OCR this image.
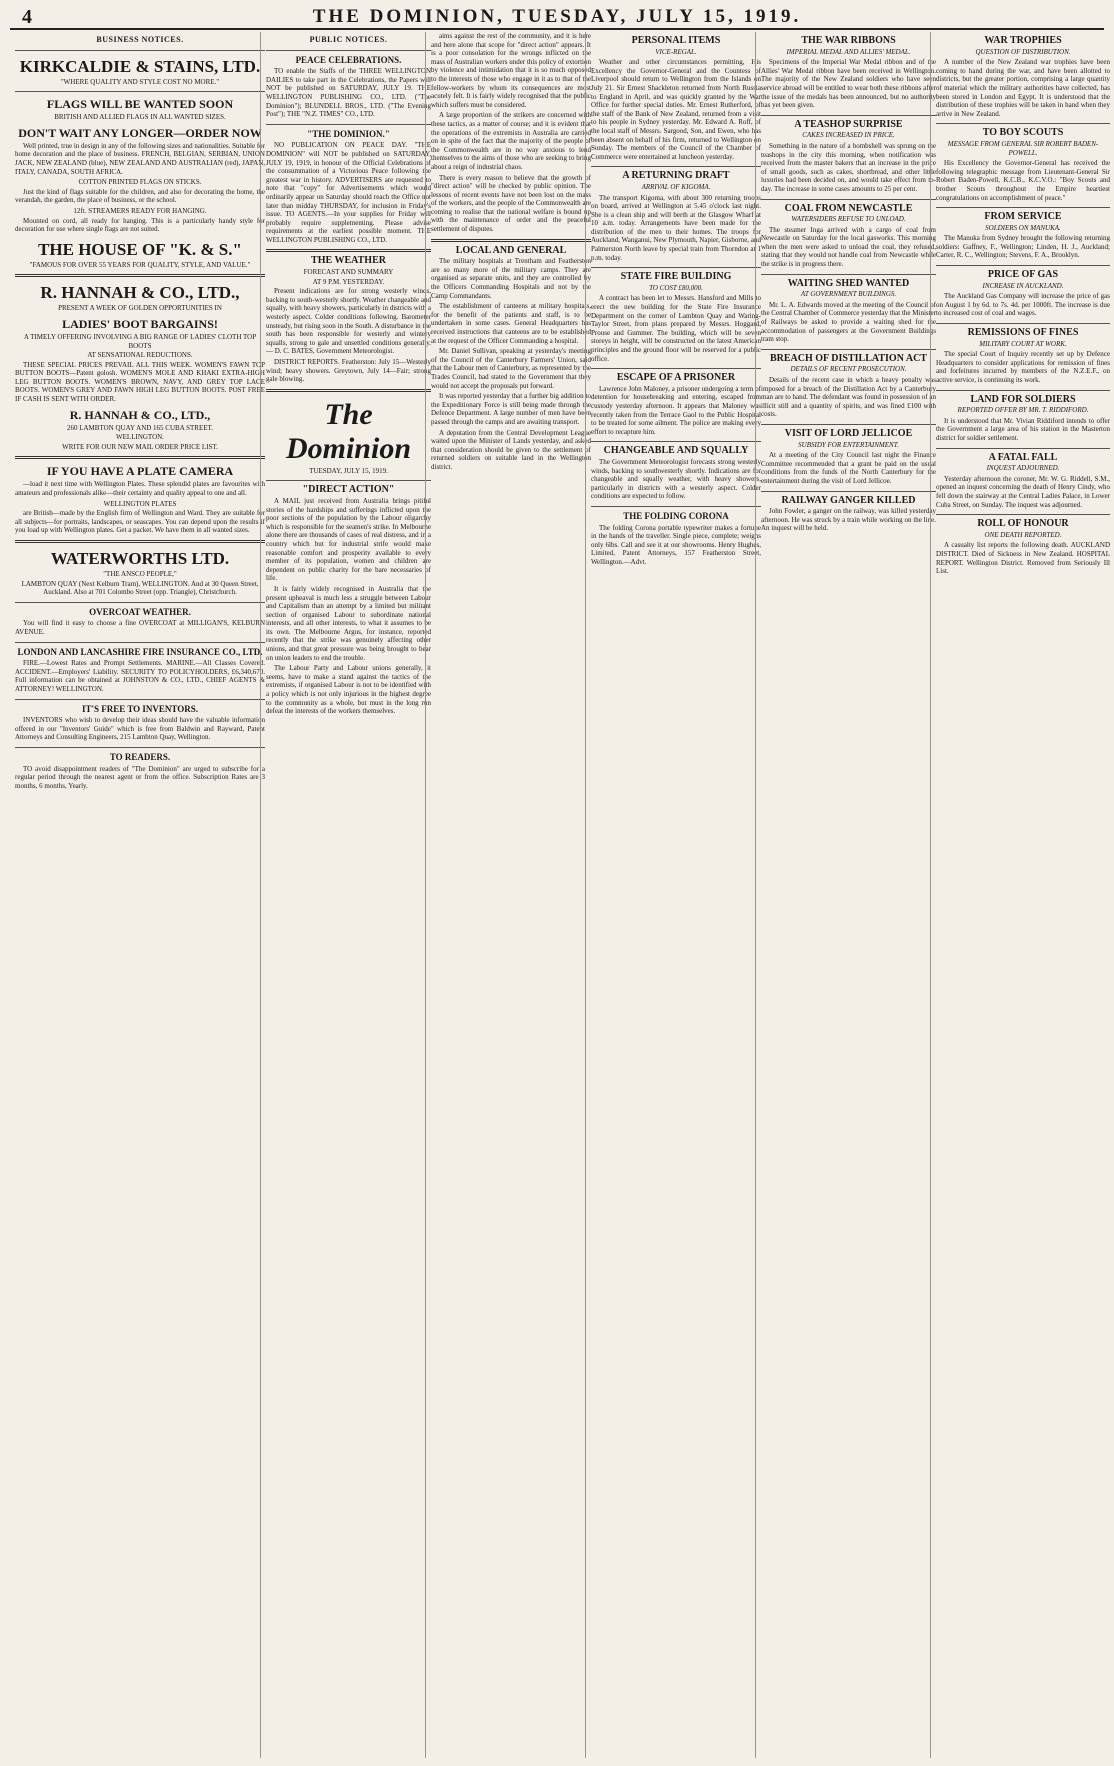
4	THE DOMINION, TUESDAY, JULY 15, 1919.
BUSINESS NOTICES.
KIRKCALDIE & STAINS, LTD.
"WHERE QUALITY AND STYLE COST NO MORE."
FLAGS WILL BE WANTED SOON
BRITISH AND ALLIED FLAGS IN ALL WANTED SIZES.
DON'T WAIT ANY LONGER—ORDER NOW

Well printed, true in design in any of the following sizes and nationalities. Suitable for home decoration and the place of business. FRENCH, BELGIAN, SERBIAN, UNION JACK, NEW ZEALAND (blue), NEW ZEALAND AND AUSTRALIAN (red), JAPAN, ITALY, CANADA, SOUTH AFRICA.

COTTON PRINTED FLAGS ON STICKS.

Just the kind of flags suitable for the children, and also for decorating the home, the verandah, the garden, the place of business, or the school.

12ft. STREAMERS READY FOR HANGING.

Mounted on cord, all ready for hanging. This is a particularly handy style for decoration for use where single flags are not suited.

THE HOUSE OF "K. & S."
"FAMOUS FOR OVER 55 YEARS FOR QUALITY, STYLE, AND VALUE."
R. HANNAH & CO., LTD.,
PRESENT A WEEK OF GOLDEN OPPORTUNITIES IN
LADIES' BOOT BARGAINS!
A TIMELY OFFERING INVOLVING A BIG RANGE OF LADIES' CLOTH TOP BOOTS
AT SENSATIONAL REDUCTIONS.

THESE SPECIAL PRICES PREVAIL ALL THIS WEEK. WOMEN'S FAWN TOP BUTTON BOOTS—Patent golosh. WOMEN'S MOLE AND KHAKI EXTRA-HIGH LEG BUTTON BOOTS. WOMEN'S BROWN, NAVY, AND GREY TOP LACE BOOTS. WOMEN'S GREY AND FAWN HIGH LEG BUTTON BOOTS. POST FREE IF CASH IS SENT WITH ORDER.

R. HANNAH & CO., LTD.,
260 LAMBTON QUAY AND 165 CUBA STREET.
WELLINGTON.
WRITE FOR OUR NEW MAIL ORDER PRICE LIST.
IF YOU HAVE A PLATE CAMERA

—load it next time with Wellington Plates. These splendid plates are favourites with amateurs and professionals alike—their certainty and quality appeal to one and all.

WELLINGTON PLATES

are British—made by the English firm of Wellington and Ward. They are suitable for all subjects—for portraits, landscapes, or seascapes. You can depend upon the results if you load up with Wellington plates. Get a packet. We have them in all wanted sizes.

WATERWORTHS LTD.
"THE ANSCO PEOPLE,"
LAMBTON QUAY (Next Kelburn Tram), WELLINGTON. And at 30 Queen Street, Auckland. Also at 701 Colombo Street (opp. Triangle), Christchurch.
OVERCOAT WEATHER.

You will find it easy to choose a fine OVERCOAT at MILLIGAN'S, KELBURN AVENUE.

LONDON AND LANCASHIRE FIRE INSURANCE CO., LTD.

FIRE.—Lowest Rates and Prompt Settlements. MARINE.—All Classes Covered. ACCIDENT.—Employers' Liability. SECURITY TO POLICYHOLDERS, £6,340,670. Full information can be obtained at JOHNSTON & CO., LTD., CHIEF AGENTS & ATTORNEY! WELLINGTON.

IT'S FREE TO INVENTORS.

INVENTORS who wish to develop their ideas should have the valuable information offered in our "Inventors' Guide" which is free from Baldwin and Rayward, Patent Attorneys and Consulting Engineers, 215 Lambton Quay, Wellington.

TO READERS.

TO avoid disappointment readers of "The Dominion" are urged to subscribe for a regular period through the nearest agent or from the office. Subscription Rates are 3 months, 6 months, Yearly.

PUBLIC NOTICES.
PEACE CELEBRATIONS.

TO enable the Staffs of the THREE WELLINGTON DAILIES to take part in the Celebrations, the Papers will NOT be published on SATURDAY, JULY 19. THE WELLINGTON PUBLISHING CO., LTD. ("The Dominion"); BLUNDELL BROS., LTD. ("The Evening Post"); THE "N.Z. TIMES" CO., LTD.

"THE DOMINION."

NO PUBLICATION ON PEACE DAY. "THE DOMINION" will NOT be published on SATURDAY, JULY 19, 1919, in honour of the Official Celebrations of the consummation of a Victorious Peace following the greatest war in history. ADVERTISERS are requested to note that "copy" for Advertisements which would ordinarily appear on Saturday should reach the Office not later than midday THURSDAY, for inclusion in Friday's issue. TO AGENTS.—In your supplies for Friday will probably require supplementing. Please advise requirements at the earliest possible moment. THE WELLINGTON PUBLISHING CO., LTD.

THE WEATHER
FORECAST AND SUMMARY
AT 9 P.M. YESTERDAY.

Present indications are for strong westerly winds, backing to south-westerly shortly. Weather changeable and squally, with heavy showers, particularly in districts with a westerly aspect. Colder conditions following. Barometer unsteady, but rising soon in the South. A disturbance in the south has been responsible for westerly and wintery squalls, strong to gale and unsettled conditions generally. — D. C. BATES, Government Meteorologist.

DISTRICT REPORTS. Featherston: July 15—Westerly wind; heavy showers. Greytown, July 14—Fair; strong gale blowing.

The Dominion
TUESDAY, JULY 15, 1919.
"DIRECT ACTION"

A MAIL just received from Australia brings pitiful stories of the hardships and sufferings inflicted upon the poor sections of the population by the Labour oligarchy which is responsible for the seamen's strike. In Melbourne alone there are thousands of cases of real distress, and in a country which but for industrial strife would make reasonable comfort and prosperity available to every member of its population, women and children are dependent on public charity for the bare necessaries of life.

It is fairly widely recognised in Australia that the present upheaval is much less a struggle between Labour and Capitalism than an attempt by a limited but militant section of organised Labour to subordinate national interests, and all other interests, to what it assumes to be its own. The Melbourne Argus, for instance, reported recently that the strike was genuinely affecting other unions, and that great pressure was being brought to bear on union leaders to end the trouble.

The Labour Party and Labour unions generally, it seems, have to make a stand against the tactics of the extremists, if organised Labour is not to be identified with a policy which is not only injurious in the highest degree to the community as a whole, but must in the long run defeat the interests of the workers themselves.

aims against the rest of the community, and it is here and here alone that scope for "direct action" appears. It is a poor consolation for the wrongs inflicted on the mass of Australian workers under this policy of extortion by violence and intimidation that it is so much opposed to the interests of those who engage in it as to that of the fellow-workers by whom its consequences are most acutely felt. It is fairly widely recognised that the public which suffers must be considered.

A large proportion of the strikers are concerned with these tactics, as a matter of course; and it is evident that the operations of the extremists in Australia are carried on in spite of the fact that the majority of the people of the Commonwealth are in no way anxious to lend themselves to the aims of those who are seeking to bring about a reign of industrial chaos.

There is every reason to believe that the growth of "direct action" will be checked by public opinion. The lessons of recent events have not been lost on the mass of the workers, and the people of the Commonwealth are coming to realise that the national welfare is bound up with the maintenance of order and the peaceful settlement of disputes.

LOCAL AND GENERAL

The military hospitals at Trentham and Featherston are so many more of the military camps. They are organised as separate units, and they are controlled by the Officers Commanding Hospitals and not by the Camp Commandants.

The establishment of canteens at military hospitals, for the benefit of the patients and staff, is to be undertaken in some cases. General Headquarters has received instructions that canteens are to be established at the request of the Officer Commanding a hospital.

Mr. Daniel Sullivan, speaking at yesterday's meeting of the Council of the Canterbury Farmers' Union, said that the Labour men of Canterbury, as represented by the Trades Council, had stated to the Government that they would not accept the proposals put forward.

It was reported yesterday that a further big addition to the Expeditionary Force is still being made through the Defence Department. A large number of men have been passed through the camps and are awaiting transport.

A deputation from the Central Development League waited upon the Minister of Lands yesterday, and asked that consideration should be given to the settlement of returned soldiers on suitable land in the Wellington district.

PERSONAL ITEMS
VICE-REGAL.

Weather and other circumstances permitting, His Excellency the Governor-General and the Countess of Liverpool should return to Wellington from the Islands on July 21. Sir Ernest Shackleton returned from North Russia to England in April, and was quickly granted by the War Office for further special duties. Mr. Ernest Rutherford, of the staff of the Bank of New Zealand, returned from a visit to his people in Sydney yesterday. Mr. Edward A. Roff, of the local staff of Messrs. Sargood, Son, and Ewen, who has been absent on behalf of his firm, returned to Wellington on Sunday. The members of the Council of the Chamber of Commerce were entertained at luncheon yesterday.

A RETURNING DRAFT
ARRIVAL OF KIGOMA.

The transport Kigoma, with about 300 returning troops on board, arrived at Wellington at 5.45 o'clock last night. She is a clean ship and will berth at the Glasgow Wharf at 10 a.m. today. Arrangements have been made for the distribution of the men to their homes. The troops for Auckland, Wanganui, New Plymouth, Napier, Gisborne, and Palmerston North leave by special train from Thorndon at 1 p.m. today.

STATE FIRE BUILDING
TO COST £80,000.

A contract has been let to Messrs. Hansford and Mills to erect the new building for the State Fire Insurance Department on the corner of Lambton Quay and Waring-Taylor Street, from plans prepared by Messrs. Hoggard, Prouse and Gummer. The building, which will be seven storeys in height, will be constructed on the latest American principles and the ground floor will be reserved for a public office.

ESCAPE OF A PRISONER

Lawrence John Maloney, a prisoner undergoing a term of detention for housebreaking and entering, escaped from custody yesterday afternoon. It appears that Maloney was recently taken from the Terrace Gaol to the Public Hospital to be treated for some ailment. The police are making every effort to recapture him.

CHANGEABLE AND SQUALLY

The Government Meteorologist forecasts strong westerly winds, backing to southwesterly shortly. Indications are for changeable and squally weather, with heavy showers, particularly in districts with a westerly aspect. Colder conditions are expected to follow.

THE FOLDING CORONA

The folding Corona portable typewriter makes a fortune in the hands of the traveller. Single piece, complete; weighs only 6lbs. Call and see it at our showrooms. Henry Hughes, Limited, Patent Attorneys, 157 Featherston Street, Wellington.—Advt.

THE WAR RIBBONS
IMPERIAL MEDAL AND ALLIES' MEDAL.

Specimens of the Imperial War Medal ribbon and of the Allies' War Medal ribbon have been received in Wellington. The majority of the New Zealand soldiers who have seen service abroad will be entitled to wear both these ribbons after the issue of the medals has been announced, but no authority has yet been given.

A TEASHOP SURPRISE
CAKES INCREASED IN PRICE.

Something in the nature of a bombshell was sprung on the teashops in the city this morning, when notification was received from the master bakers that an increase in the price of small goods, such as cakes, shortbread, and other little luxuries had been decided on, and would take effect from to-day. The increase in some cases amounts to 25 per cent.

COAL FROM NEWCASTLE
WATERSIDERS REFUSE TO UNLOAD.

The steamer Inga arrived with a cargo of coal from Newcastle on Saturday for the local gasworks. This morning when the men were asked to unload the coal, they refused, stating that they would not handle coal from Newcastle while the strike is in progress there.

WAITING SHED WANTED
AT GOVERNMENT BUILDINGS.

Mr. L. A. Edwards moved at the meeting of the Council of the Central Chamber of Commerce yesterday that the Minister of Railways be asked to provide a waiting shed for the accommodation of passengers at the Government Buildings tram stop.

BREACH OF DISTILLATION ACT
DETAILS OF RECENT PROSECUTION.

Details of the recent case in which a heavy penalty was imposed for a breach of the Distillation Act by a Canterbury man are to hand. The defendant was found in possession of an illicit still and a quantity of spirits, and was fined £100 with costs.

VISIT OF LORD JELLICOE
SUBSIDY FOR ENTERTAINMENT.

At a meeting of the City Council last night the Finance Committee recommended that a grant be paid on the usual conditions from the funds of the North Canterbury for the entertainment during the visit of Lord Jellicoe.

RAILWAY GANGER KILLED

John Fowler, a ganger on the railway, was killed yesterday afternoon. He was struck by a train while working on the line. An inquest will be held.

WAR TROPHIES
QUESTION OF DISTRIBUTION.

A number of the New Zealand war trophies have been coming to hand during the war, and have been allotted to districts, but the greater portion, comprising a large quantity of material which the military authorities have collected, has been stored in London and Egypt. It is understood that the distribution of these trophies will be taken in hand when they arrive in New Zealand.

TO BOY SCOUTS
MESSAGE FROM GENERAL SIR ROBERT BADEN-POWELL.

His Excellency the Governor-General has received the following telegraphic message from Lieutenant-General Sir Robert Baden-Powell, K.C.B., K.C.V.O.: "Boy Scouts and brother Scouts throughout the Empire heartiest congratulations on accomplishment of peace."

FROM SERVICE
SOLDIERS ON MANUKA.

The Manuka from Sydney brought the following returning soldiers: Gaffney, F., Wellington; Linden, H. J., Auckland; Carter, R. C., Wellington; Stevens, F. A., Brooklyn.

PRICE OF GAS
INCREASE IN AUCKLAND.

The Auckland Gas Company will increase the price of gas on August 1 by 6d. to 7s. 4d. per 1000ft. The increase is due to increased cost of coal and wages.

REMISSIONS OF FINES
MILITARY COURT AT WORK.

The special Court of Inquiry recently set up by Defence Headquarters to consider applications for remission of fines and forfeitures incurred by members of the N.Z.E.F., on active service, is continuing its work.

LAND FOR SOLDIERS
REPORTED OFFER BY MR. T. RIDDIFORD.

It is understood that Mr. Vivian Riddiford intends to offer the Government a large area of his station in the Masterton district for soldier settlement.

A FATAL FALL
INQUEST ADJOURNED.

Yesterday afternoon the coroner, Mr. W. G. Riddell, S.M., opened an inquest concerning the death of Henry Cindy, who fell down the stairway at the Central Ladies Palace, in Lower Cuba Street, on Sunday. The inquest was adjourned.

ROLL OF HONOUR
ONE DEATH REPORTED.

A casualty list reports the following death. AUCKLAND DISTRICT. Died of Sickness in New Zealand. HOSPITAL REPORT. Wellington District. Removed from Seriously Ill List.
